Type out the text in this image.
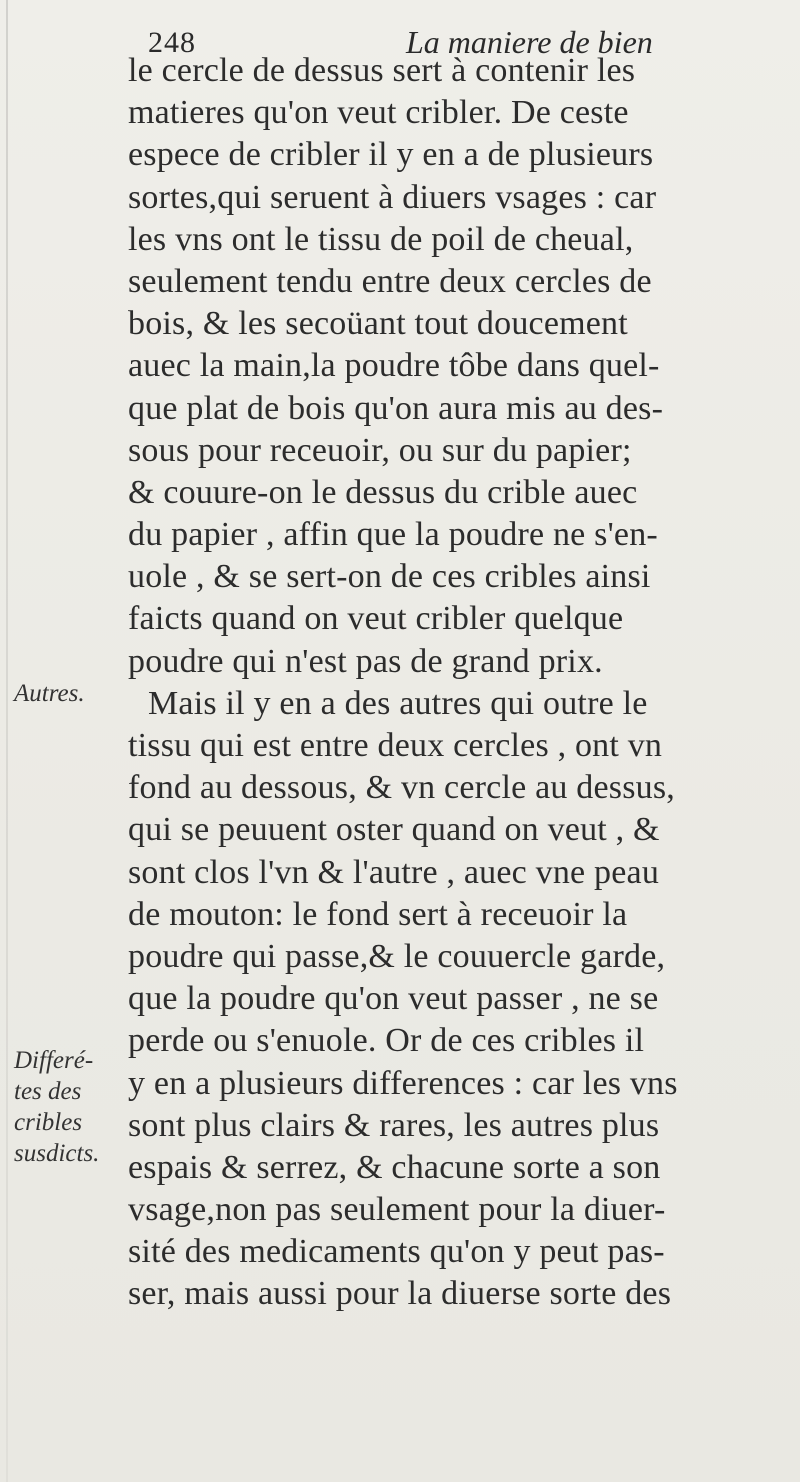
248	La maniere de bien
Autres.
Differé-
tes des
cribles
susdicts.
le cercle de dessus sert à contenir les
matieres qu'on veut cribler. De ceste
espece de cribler il y en a de plusieurs
sortes,qui seruent à diuers vsages : car
les vns ont le tissu de poil de cheual,
seulement tendu entre deux cercles de
bois, & les secoüant tout doucement
auec la main,la poudre tôbe dans quel-
que plat de bois qu'on aura mis au des-
sous pour receuoir, ou sur du papier;
& couure-on le dessus du crible auec
du papier , affin que la poudre ne s'en-
uole , & se sert-on de ces cribles ainsi
faicts quand on veut cribler quelque
poudre qui n'est pas de grand prix.
Mais il y en a des autres qui outre le
tissu qui est entre deux cercles , ont vn
fond au dessous, & vn cercle au dessus,
qui se peuuent oster quand on veut , &
sont clos l'vn & l'autre , auec vne peau
de mouton: le fond sert à receuoir la
poudre qui passe,& le couuercle garde,
que la poudre qu'on veut passer , ne se
perde ou s'enuole. Or de ces cribles il
y en a plusieurs differences : car les vns
sont plus clairs & rares, les autres plus
espais & serrez, & chacune sorte a son
vsage,non pas seulement pour la diuer-
sité des medicaments qu'on y peut pas-
ser, mais aussi pour la diuerse sorte des
